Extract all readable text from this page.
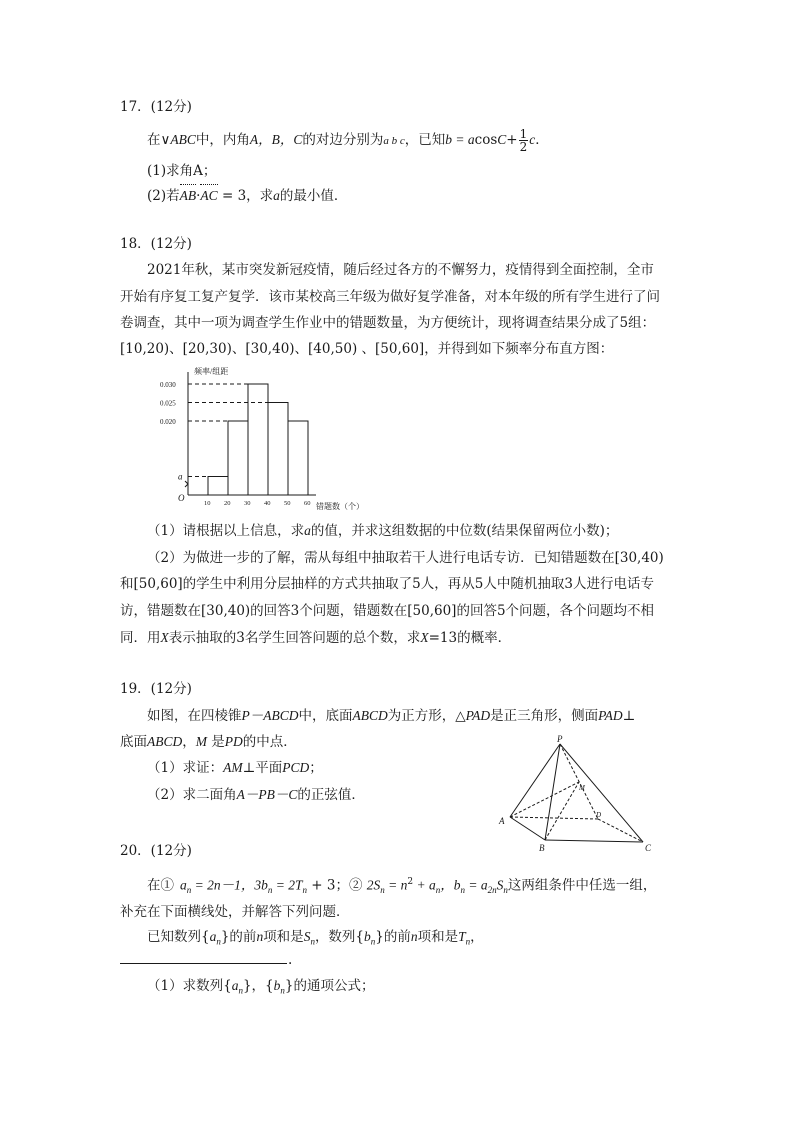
17．(12分)
在∨ABC中，内角A，B，C的对边分别为a b c，已知$b = acosC+ \frac{1}{2}$ c．
(1)求角A；
(2)若AB·AC = 3，求a的最小值．
18．(12分)
2021年秋，某市突发新冠疫情，随后经过各方的不懈努力，疫情得到全面控制，全市
开始有序复工复产复学．该市某校高三年级为做好复学准备，对本年级的所有学生进行了问
卷调查，其中一项为调查学生作业中的错题数量，为方便统计，现将调查结果分成了5组：
[10,20)、[20,30)、[30,40)、[40,50) 、[50,60]，并得到如下频率分布直方图：
频率/组距
错题数（个）
O
a
0.020
0.025
0.030
10 20 30 40 50 60
（1）请根据以上信息，求a的值，并求这组数据的中位数(结果保留两位小数)；
（2）为做进一步的了解，需从每组中抽取若干人进行电话专访．已知错题数在[30,40)
和[50,60]的学生中利用分层抽样的方式共抽取了5人，再从5人中随机抽取3人进行电话专
访，错题数在[30,40)的回答3个问题，错题数在[50,60]的回答5个问题，各个问题均不相
同．用X表示抽取的3名学生回答问题的总个数，求X=13的概率．
19．(12分)
如图，在四棱锥P－ABCD中，底面ABCD为正方形，△PAD是正三角形，侧面PAD⊥
底面ABCD，M 是PD的中点．
（1）求证：AM⊥平面PCD；
（2）求二面角A－PB－C的正弦值．
P
A
B	C
D
M
20．(12分)
在① $a_n = 2n-1$，$3b_n = 2T_n + 3$；② $2S_n = n^2 + a_n$，$b_n = a_{2n}S_n$这两组条件中任选一组，
补充在下面横线处，并解答下列问题．
已知数列$\{a_n\}$的前n项和是$S_n$，数列$\{b_n\}$的前n项和是$T_n$，
.
（1）求数列$\{a_n\}$，$\{b_n\}$的通项公式；
